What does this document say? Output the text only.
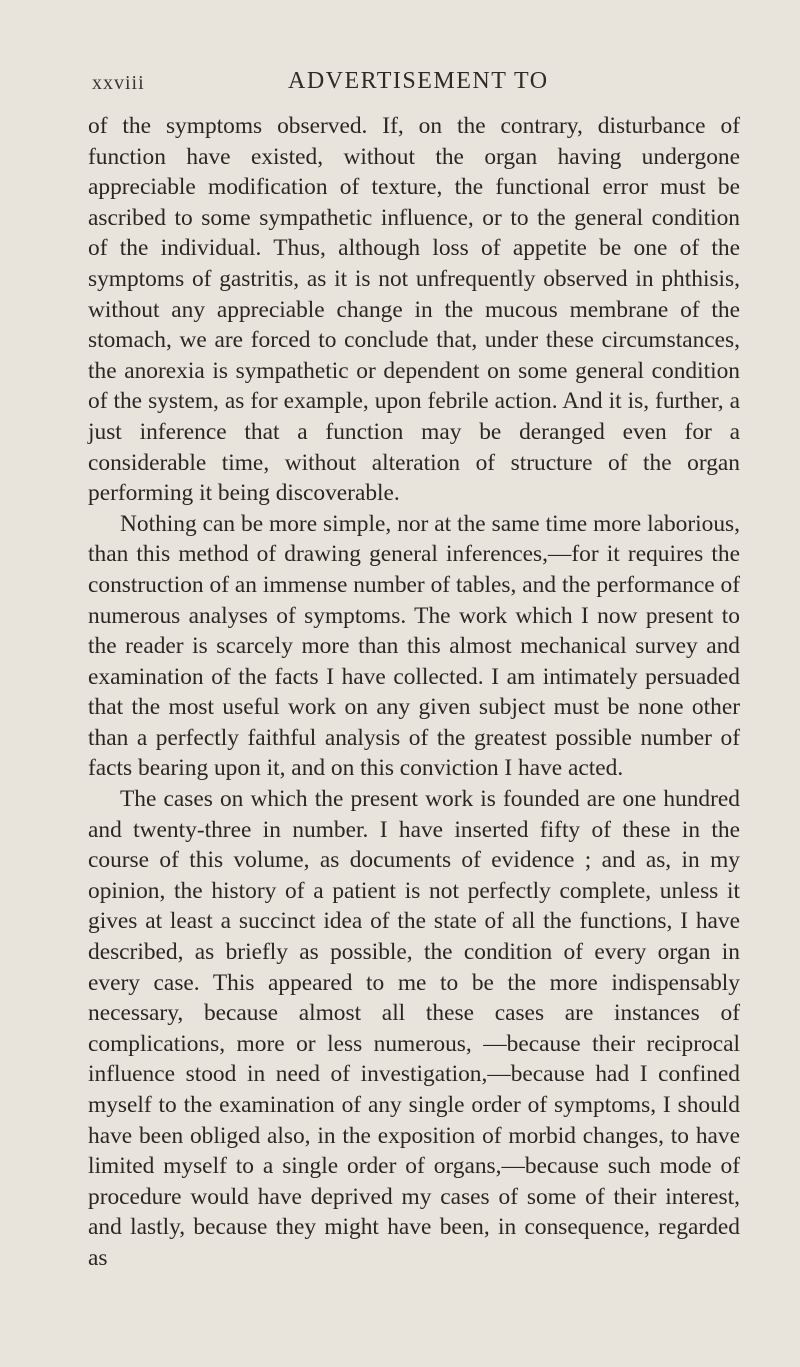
xxviii	ADVERTISEMENT TO

of the symptoms observed. If, on the contrary, disturbance of function have existed, without the organ having undergone appreciable modification of texture, the functional error must be ascribed to some sympathetic influence, or to the general condition of the individual. Thus, although loss of appetite be one of the symptoms of gastritis, as it is not unfrequently observed in phthisis, without any appreciable change in the mucous membrane of the stomach, we are forced to conclude that, under these circumstances, the anorexia is sympathetic or dependent on some general condition of the system, as for example, upon febrile action. And it is, further, a just inference that a function may be deranged even for a considerable time, without alteration of structure of the organ performing it being discoverable.

Nothing can be more simple, nor at the same time more laborious, than this method of drawing general inferences,—for it requires the construction of an immense number of tables, and the performance of numerous analyses of symptoms. The work which I now present to the reader is scarcely more than this almost mechanical survey and examination of the facts I have collected. I am intimately persuaded that the most useful work on any given subject must be none other than a perfectly faithful analysis of the greatest possible number of facts bearing upon it, and on this conviction I have acted.

The cases on which the present work is founded are one hundred and twenty-three in number. I have inserted fifty of these in the course of this volume, as documents of evidence ; and as, in my opinion, the history of a patient is not perfectly complete, unless it gives at least a succinct idea of the state of all the functions, I have described, as briefly as possible, the condition of every organ in every case. This appeared to me to be the more indispensably necessary, because almost all these cases are instances of complications, more or less numerous, —because their reciprocal influence stood in need of investigation,—because had I confined myself to the examination of any single order of symptoms, I should have been obliged also, in the exposition of morbid changes, to have limited myself to a single order of organs,—because such mode of procedure would have deprived my cases of some of their interest, and lastly, because they might have been, in consequence, regarded as
